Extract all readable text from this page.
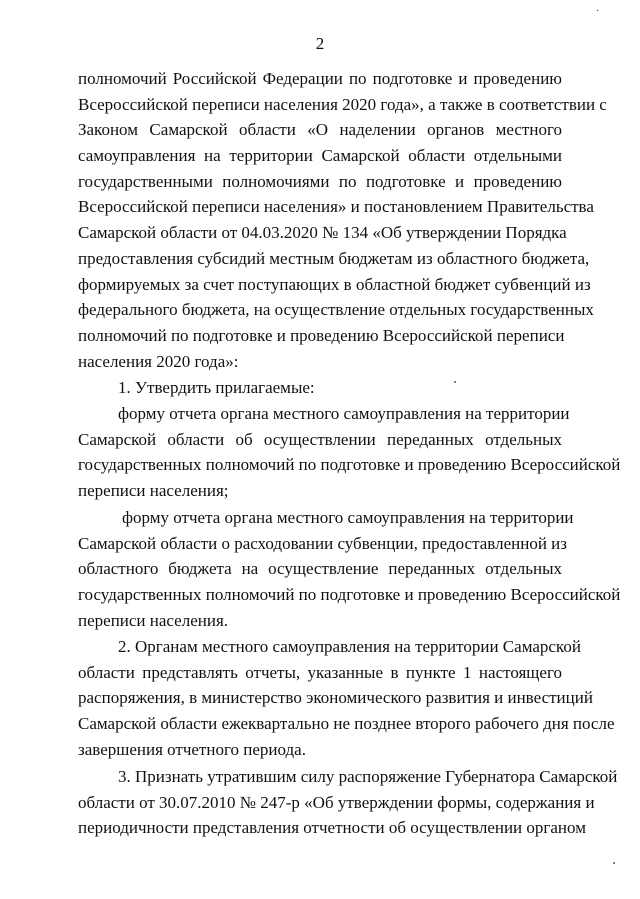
2
·
полномочий Российской Федерации по подготовке и проведению
Всероссийской переписи населения 2020 года», а также в соответствии с
Законом Самарской области «О наделении органов местного
самоуправления на территории Самарской области отдельными
государственными полномочиями по подготовке и проведению
Всероссийской переписи населения» и постановлением Правительства
Самарской области от 04.03.2020 № 134 «Об утверждении Порядка
предоставления субсидий местным бюджетам из областного бюджета,
формируемых за счет поступающих в областной бюджет субвенций из
федерального бюджета, на осуществление отдельных государственных
полномочий по подготовке и проведению Всероссийской переписи
населения 2020 года»:
1. Утвердить прилагаемые:
форму отчета органа местного самоуправления на территории
Самарской области об осуществлении переданных отдельных
государственных полномочий по подготовке и проведению Всероссийской
переписи населения;
форму отчета органа местного самоуправления на территории
Самарской области о расходовании субвенции, предоставленной из
областного бюджета на осуществление переданных отдельных
государственных полномочий по подготовке и проведению Всероссийской
переписи населения.
2. Органам местного самоуправления на территории Самарской
области представлять отчеты, указанные в пункте 1 настоящего
распоряжения, в министерство экономического развития и инвестиций
Самарской области ежеквартально не позднее второго рабочего дня после
завершения отчетного периода.
3. Признать утратившим силу распоряжение Губернатора Самарской
области от 30.07.2010 № 247-р «Об утверждении формы, содержания и
периодичности представления отчетности об осуществлении органом
